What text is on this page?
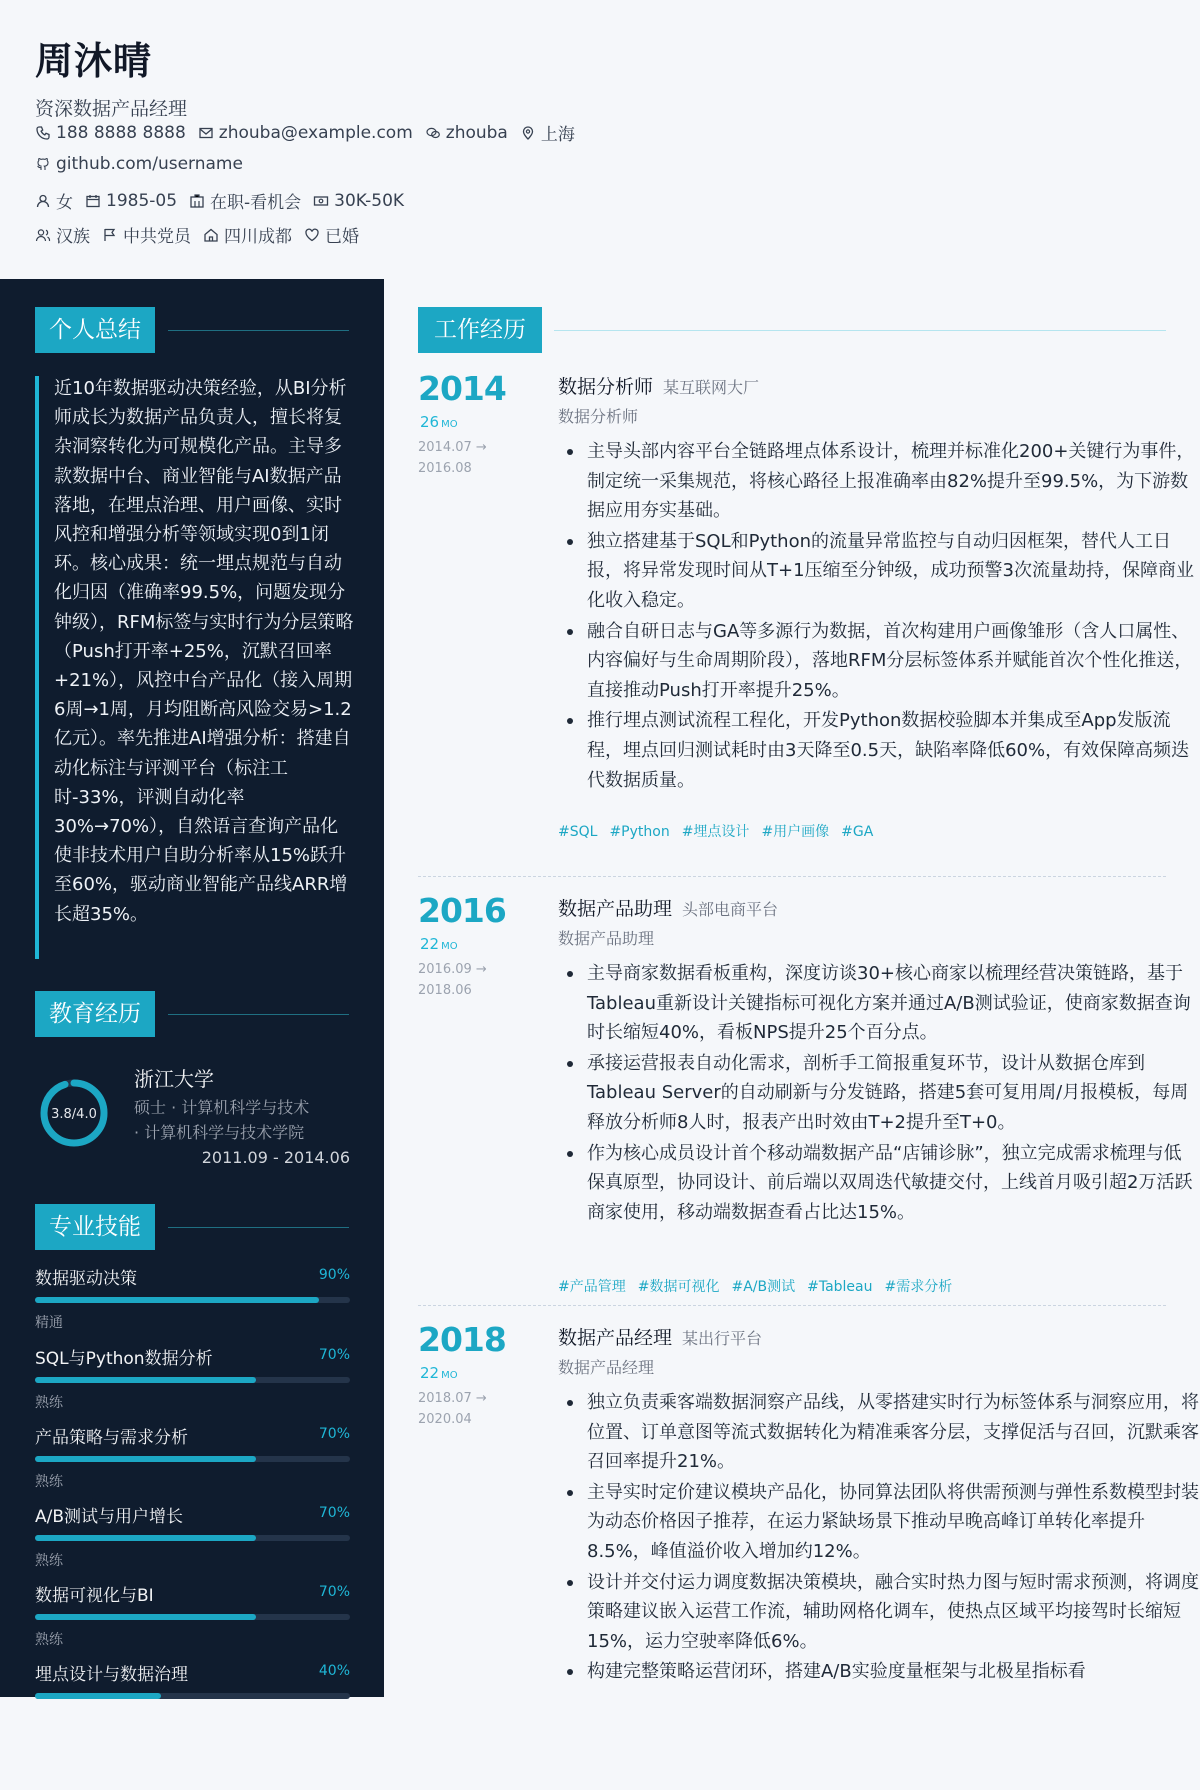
周沐晴
资深数据产品经理
188 8888 8888 zhouba@example.com zhouba 上海
github.com/username
女 1985-05 在职-看机会 30K-50K
汉族 中共党员 四川成都 已婚
个人总结
近10年数据驱动决策经验，从BI分析师成长为数据产品负责人，擅长将复杂洞察转化为可规模化产品。主导多款数据中台、商业智能与AI数据产品落地，在埋点治理、用户画像、实时风控和增强分析等领域实现0到1闭环。核心成果：统一埋点规范与自动化归因（准确率99.5%，问题发现分钟级），RFM标签与实时行为分层策略（Push打开率+25%，沉默召回率+21%），风控中台产品化（接入周期6周→1周，月均阻断高风险交易>1.2亿元）。率先推进AI增强分析：搭建自动化标注与评测平台（标注工时-33%，评测自动化率30%→70%），自然语言查询产品化使非技术用户自助分析率从15%跃升至60%，驱动商业智能产品线ARR增长超35%。
教育经历
3.8/4.0
浙江大学
硕士 · 计算机科学与技术
· 计算机科学与技术学院
2011.09 - 2014.06
专业技能
数据驱动决策	90%
精通
SQL与Python数据分析	70%
熟练
产品策略与需求分析	70%
熟练
A/B测试与用户增长	70%
熟练
数据可视化与BI	70%
熟练
埋点设计与数据治理	40%
工作经历
2014
26 MO
2014.07 → 2016.08
数据分析师 某互联网大厂
数据分析师
主导头部内容平台全链路埋点体系设计，梳理并标准化200+关键行为事件，制定统一采集规范，将核心路径上报准确率由82%提升至99.5%，为下游数据应用夯实基础。
独立搭建基于SQL和Python的流量异常监控与自动归因框架，替代人工日报，将异常发现时间从T+1压缩至分钟级，成功预警3次流量劫持，保障商业化收入稳定。
融合自研日志与GA等多源行为数据，首次构建用户画像雏形（含人口属性、内容偏好与生命周期阶段），落地RFM分层标签体系并赋能首次个性化推送，直接推动Push打开率提升25%。
推行埋点测试流程工程化，开发Python数据校验脚本并集成至App发版流程，埋点回归测试耗时由3天降至0.5天，缺陷率降低60%，有效保障高频迭代数据质量。
#SQL #Python #埋点设计 #用户画像 #GA
2016
22 MO
2016.09 → 2018.06
数据产品助理 头部电商平台
数据产品助理
主导商家数据看板重构，深度访谈30+核心商家以梳理经营决策链路，基于Tableau重新设计关键指标可视化方案并通过A/B测试验证，使商家数据查询时长缩短40%，看板NPS提升25个百分点。
承接运营报表自动化需求，剖析手工简报重复环节，设计从数据仓库到Tableau Server的自动刷新与分发链路，搭建5套可复用周/月报模板，每周释放分析师8人时，报表产出时效由T+2提升至T+0。
作为核心成员设计首个移动端数据产品“店铺诊脉”，独立完成需求梳理与低保真原型，协同设计、前后端以双周迭代敏捷交付，上线首月吸引超2万活跃商家使用，移动端数据查看占比达15%。
#产品管理 #数据可视化 #A/B测试 #Tableau #需求分析
2018
22 MO
2018.07 → 2020.04
数据产品经理 某出行平台
数据产品经理
独立负责乘客端数据洞察产品线，从零搭建实时行为标签体系与洞察应用，将位置、订单意图等流式数据转化为精准乘客分层，支撑促活与召回，沉默乘客召回率提升21%。
主导实时定价建议模块产品化，协同算法团队将供需预测与弹性系数模型封装为动态价格因子推荐，在运力紧缺场景下推动早晚高峰订单转化率提升8.5%，峰值溢价收入增加约12%。
设计并交付运力调度数据决策模块，融合实时热力图与短时需求预测，将调度策略建议嵌入运营工作流，辅助网格化调车，使热点区域平均接驾时长缩短15%，运力空驶率降低6%。
构建完整策略运营闭环，搭建A/B实验度量框架与北极星指标看
